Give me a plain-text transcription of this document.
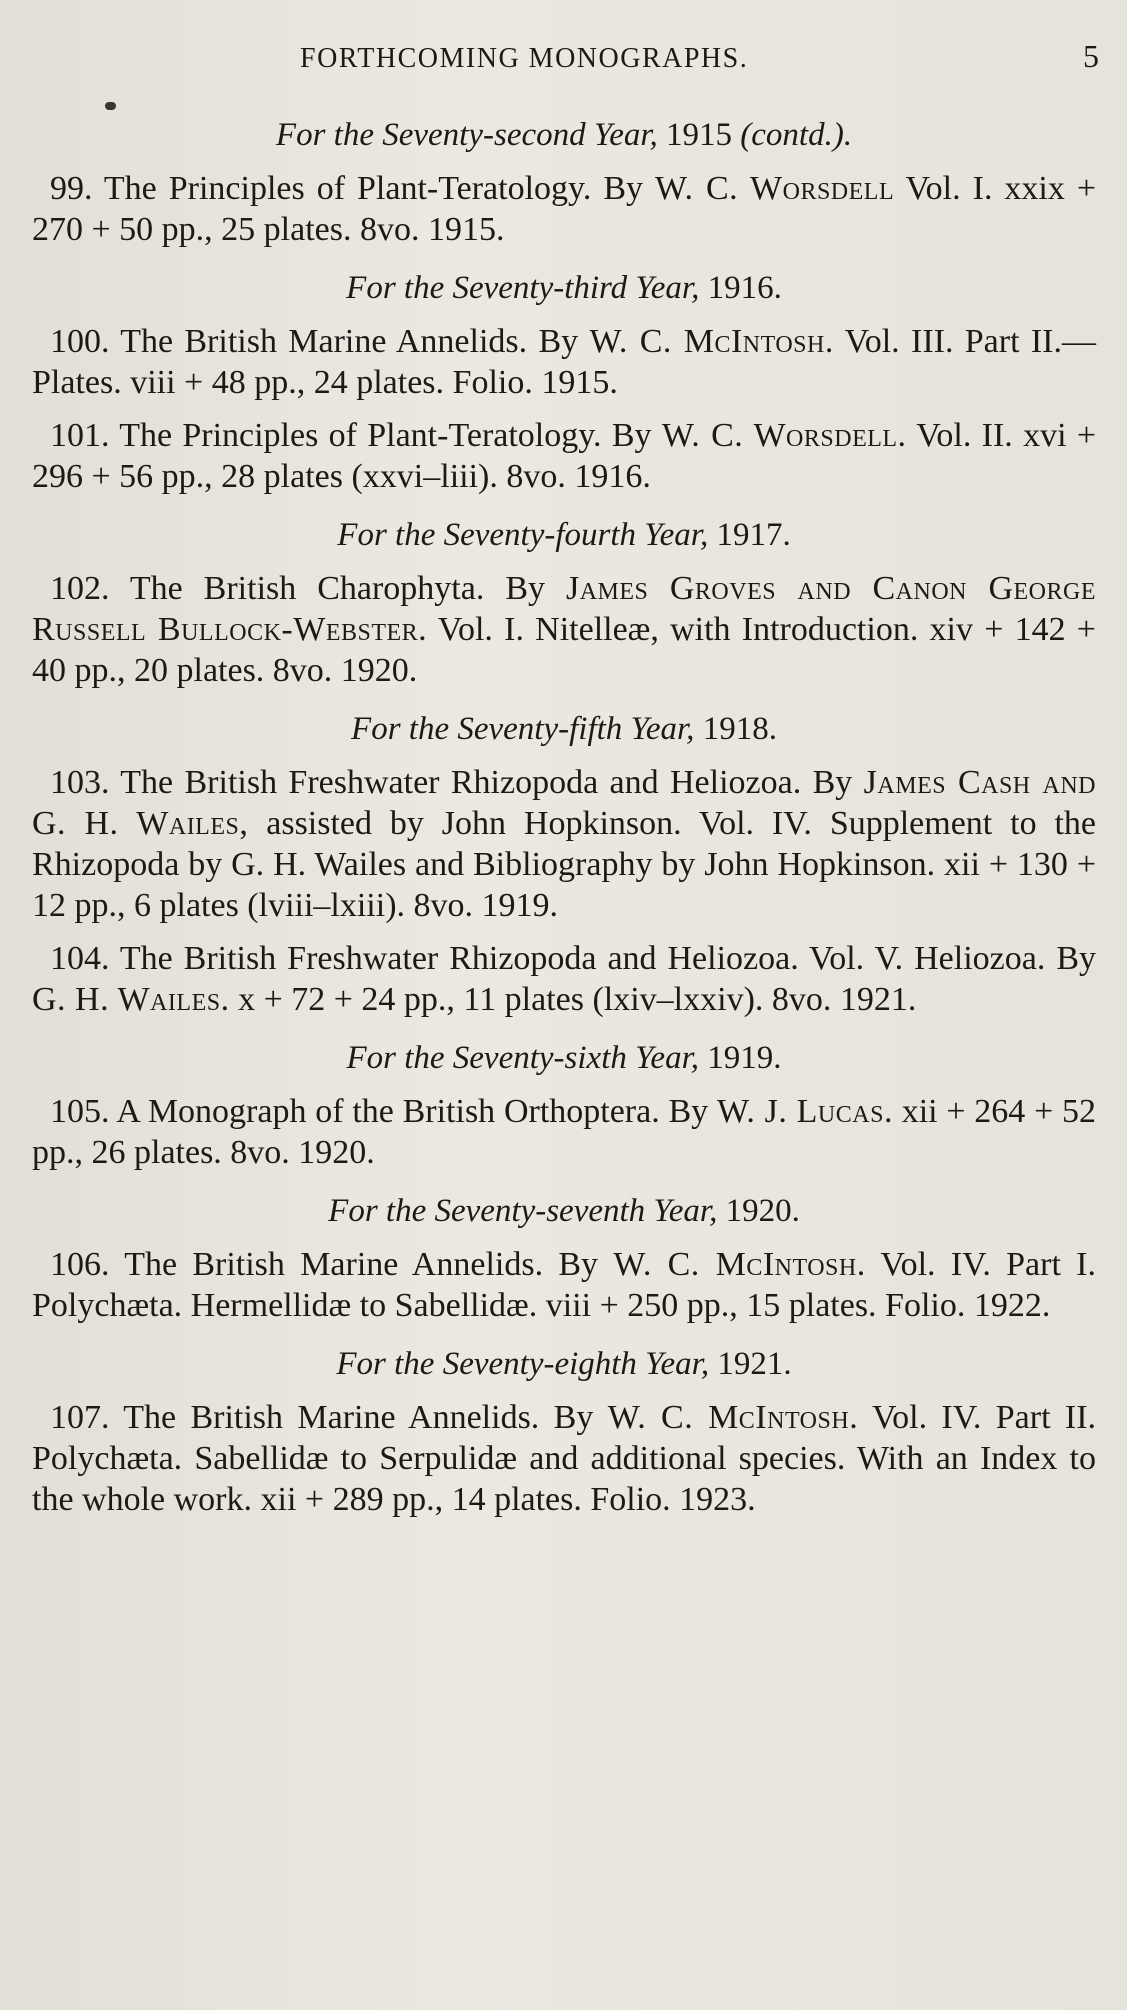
FORTHCOMING MONOGRAPHS.	5

For the Seventy-second Year, 1915 (contd.).

99. The Principles of Plant-Teratology. By W. C. Worsdell Vol. I. xxix + 270 + 50 pp., 25 plates. 8vo. 1915.

For the Seventy-third Year, 1916.

100. The British Marine Annelids. By W. C. McIntosh. Vol. III. Part II.—Plates. viii + 48 pp., 24 plates. Folio. 1915.

101. The Principles of Plant-Teratology. By W. C. Worsdell. Vol. II. xvi + 296 + 56 pp., 28 plates (xxvi–liii). 8vo. 1916.

For the Seventy-fourth Year, 1917.

102. The British Charophyta. By James Groves and Canon George Russell Bullock-Webster. Vol. I. Nitelleæ, with Introduction. xiv + 142 + 40 pp., 20 plates. 8vo. 1920.

For the Seventy-fifth Year, 1918.

103. The British Freshwater Rhizopoda and Heliozoa. By James Cash and G. H. Wailes, assisted by John Hopkinson. Vol. IV. Supplement to the Rhizopoda by G. H. Wailes and Bibliography by John Hopkinson. xii + 130 + 12 pp., 6 plates (lviii–lxiii). 8vo. 1919.

104. The British Freshwater Rhizopoda and Heliozoa. Vol. V. Heliozoa. By G. H. Wailes. x + 72 + 24 pp., 11 plates (lxiv–lxxiv). 8vo. 1921.

For the Seventy-sixth Year, 1919.

105. A Monograph of the British Orthoptera. By W. J. Lucas. xii + 264 + 52 pp., 26 plates. 8vo. 1920.

For the Seventy-seventh Year, 1920.

106. The British Marine Annelids. By W. C. McIntosh. Vol. IV. Part I. Polychæta. Hermellidæ to Sabellidæ. viii + 250 pp., 15 plates. Folio. 1922.

For the Seventy-eighth Year, 1921.

107. The British Marine Annelids. By W. C. McIntosh. Vol. IV. Part II. Polychæta. Sabellidæ to Serpulidæ and additional species. With an Index to the whole work. xii + 289 pp., 14 plates. Folio. 1923.
